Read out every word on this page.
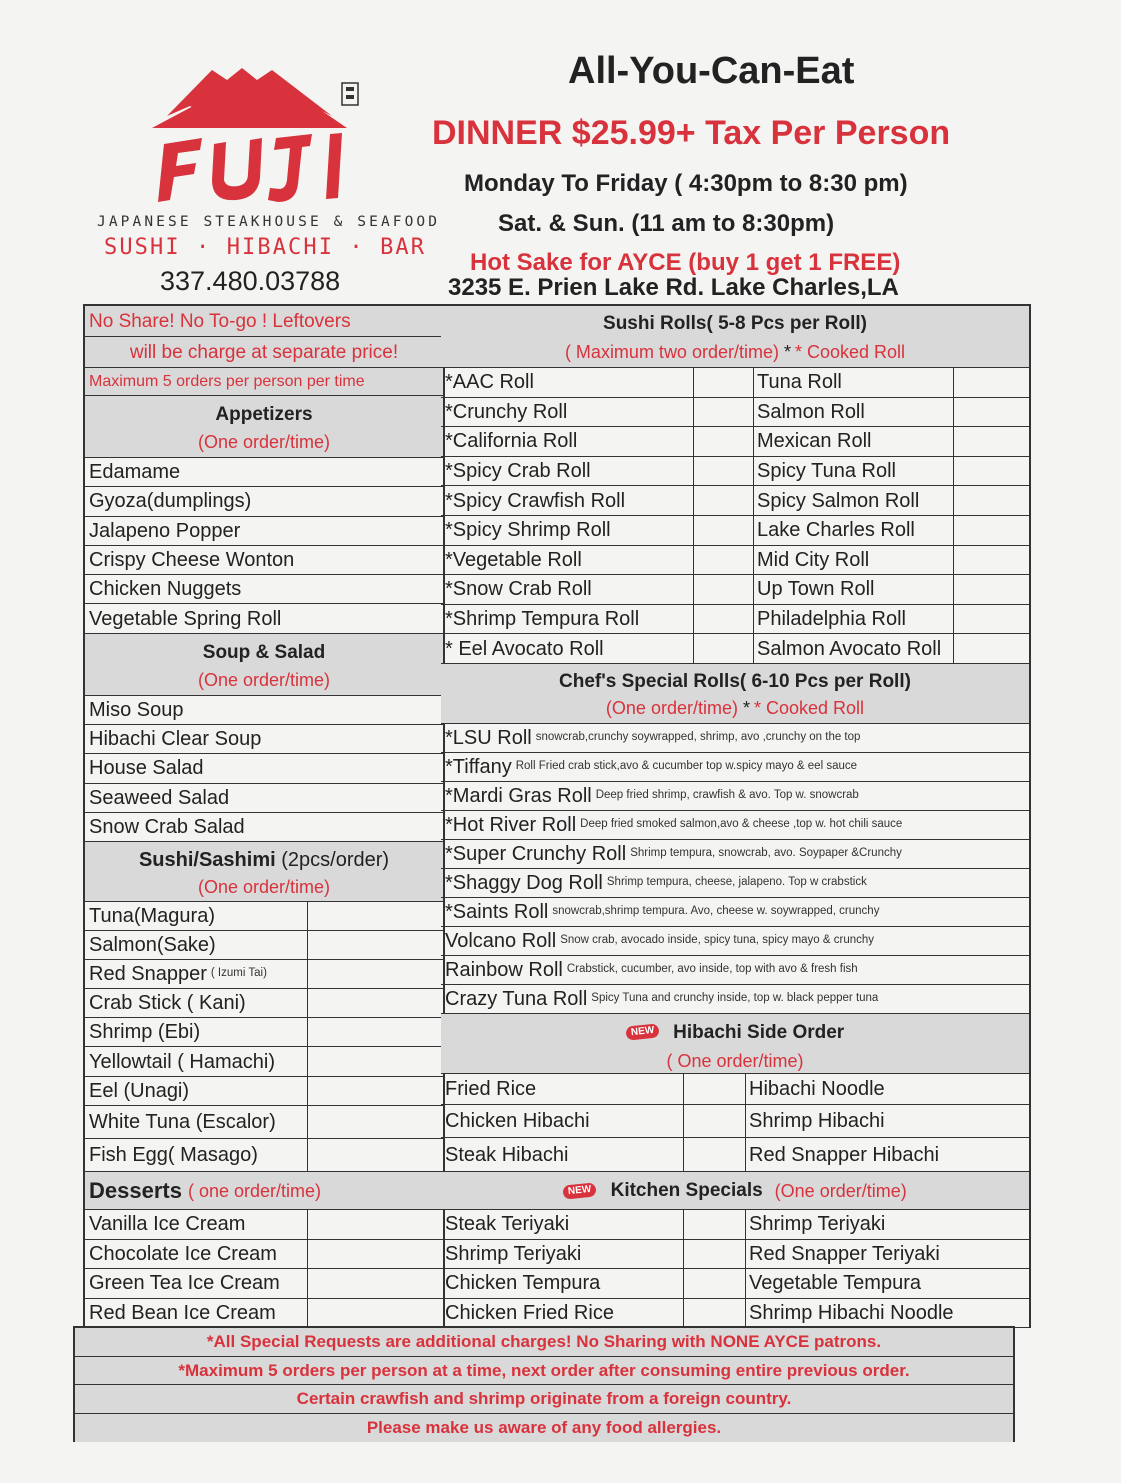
JAPANESE STEAKHOUSE & SEAFOOD
SUSHI · HIBACHI · BAR
337.480.03788
All-You-Can-Eat
DINNER $25.99+ Tax Per Person
Monday To Friday ( 4:30pm to 8:30 pm)
Sat. & Sun. (11 am to 8:30pm)
Hot Sake for AYCE (buy 1 get 1 FREE)
3235 E. Prien Lake Rd. Lake Charles,LA
No Share! No To-go ! Leftovers
will be charge at separate price!
Maximum 5 orders per person per time
Appetizers
(One order/time)
Soup & Salad
(One order/time)
Sushi/Sashimi
(2pcs/order)
(One order/time)
Desserts ( one order/time)
Edamame
Gyoza(dumplings)
Jalapeno Popper
Crispy Cheese Wonton
Chicken Nuggets
Vegetable Spring Roll
Miso Soup
Hibachi Clear Soup
House Salad
Seaweed Salad
Snow Crab Salad
Tuna(Magura)
Salmon(Sake)
Red Snapper ( Izumi Tai)
Crab Stick ( Kani)
Shrimp (Ebi)
Yellowtail ( Hamachi)
Eel (Unagi)
White Tuna (Escalor)
Fish Egg( Masago)
Vanilla Ice Cream
Chocolate Ice Cream
Green Tea Ice Cream
Red Bean Ice Cream
Sushi Rolls( 5-8 Pcs per Roll)
( Maximum two order/time)
* * Cooked Roll
Chef's Special Rolls( 6-10 Pcs per Roll)
(One order/time)
* * Cooked Roll
NEW Hibachi Side Order
( One order/time)
NEW Kitchen Specials (One order/time)
*AAC Roll	Tuna Roll
*Crunchy Roll	Salmon Roll
*California Roll	Mexican Roll
*Spicy Crab Roll	Spicy Tuna Roll
*Spicy Crawfish Roll	Spicy Salmon Roll
*Spicy Shrimp Roll	Lake Charles Roll
*Vegetable Roll	Mid City Roll
*Snow Crab Roll	Up Town Roll
*Shrimp Tempura Roll	Philadelphia Roll
* Eel Avocato Roll	Salmon Avocato Roll
*LSU Roll snowcrab,crunchy soywrapped, shrimp, avo ,crunchy on the top
*Tiffany Roll Fried crab stick,avo & cucumber top w.spicy mayo & eel sauce
*Mardi Gras Roll Deep fried shrimp, crawfish & avo. Top w. snowcrab
*Hot River Roll Deep fried smoked salmon,avo & cheese ,top w. hot chili sauce
*Super Crunchy Roll Shrimp tempura, snowcrab, avo. Soypaper &Crunchy
*Shaggy Dog Roll Shrimp tempura, cheese, jalapeno. Top w crabstick
*Saints Roll snowcrab,shrimp tempura. Avo, cheese w. soywrapped, crunchy
Volcano Roll Snow crab, avocado inside, spicy tuna, spicy mayo & crunchy
Rainbow Roll Crabstick, cucumber, avo inside, top with avo & fresh fish
Crazy Tuna Roll Spicy Tuna and crunchy inside, top w. black pepper tuna
Fried Rice	Hibachi Noodle
Chicken Hibachi	Shrimp Hibachi
Steak Hibachi	Red Snapper Hibachi
Steak Teriyaki	Shrimp Teriyaki
Shrimp Teriyaki	Red Snapper Teriyaki
Chicken Tempura	Vegetable Tempura
Chicken Fried Rice	Shrimp Hibachi Noodle
*All Special Requests are additional charges! No Sharing with NONE AYCE patrons.
*Maximum 5 orders per person at a time, next order after consuming entire previous order.
Certain crawfish and shrimp originate from a foreign country.
Please make us aware of any food allergies.
